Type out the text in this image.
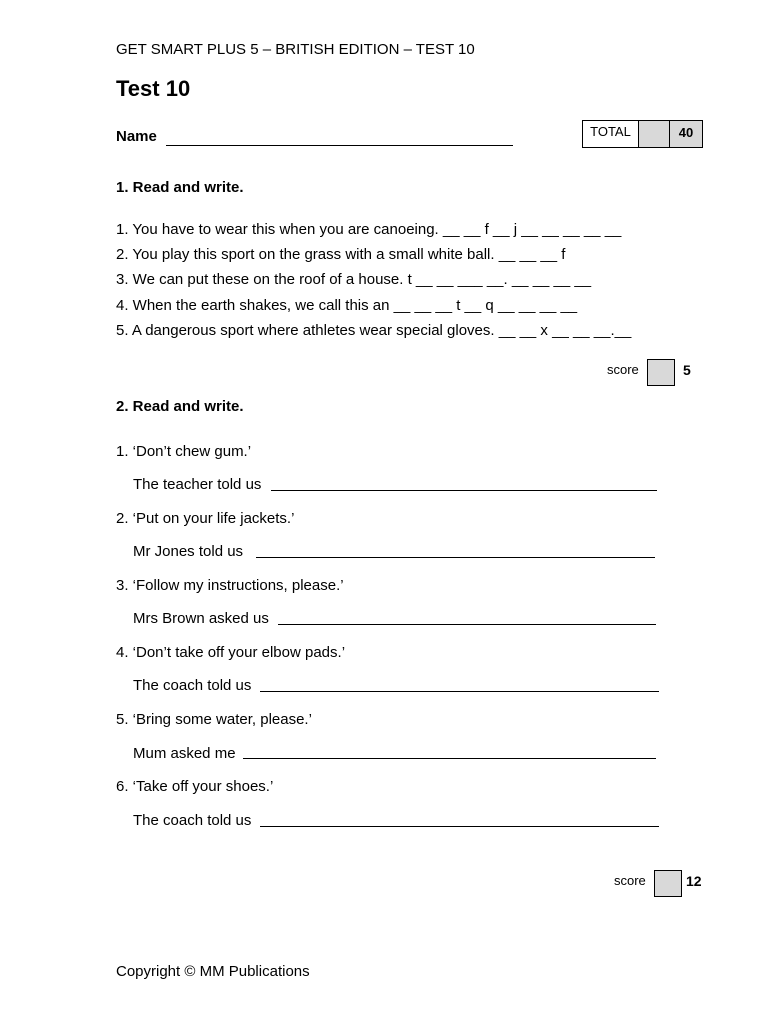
GET SMART PLUS 5 – BRITISH EDITION – TEST 10
Test 10
Name	TOTAL	40
1. Read and write.
1. You have to wear this when you are canoeing. __ __ f __ j __ __ __ __ __
2. You play this sport on the grass with a small white ball. __ __ __ f
3. We can put these on the roof of a house. t __ __ ___ __. __ __ __ __
4. When the earth shakes, we call this an __ __ __ t __ q __ __ __ __
5. A dangerous sport where athletes wear special gloves. __ __ x __ __ __.__
score	5
2. Read and write.
1. ‘Don’t chew gum.’
The teacher told us
2. ‘Put on your life jackets.’
Mr Jones told us
3. ‘Follow my instructions, please.’
Mrs Brown asked us
4. ‘Don’t take off your elbow pads.’
The coach told us
5. ‘Bring some water, please.’
Mum asked me
6. ‘Take off your shoes.’
The coach told us
score	12
Copyright © MM Publications
